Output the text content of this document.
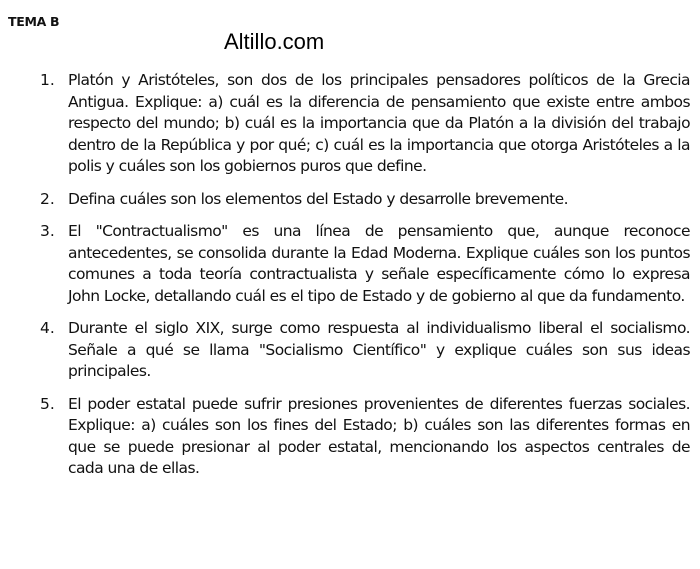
TEMA B
Altillo.com
1. Platón y Aristóteles, son dos de los principales pensadores políticos de la Grecia Antigua. Explique: a) cuál es la diferencia de pensamiento que existe entre ambos respecto del mundo; b) cuál es la importancia que da Platón a la división del trabajo dentro de la República y por qué; c) cuál es la importancia que otorga Aristóteles a la polis y cuáles son los gobiernos puros que define.
2. Defina cuáles son los elementos del Estado y desarrolle brevemente.
3. El "Contractualismo" es una línea de pensamiento que, aunque reconoce antecedentes, se consolida durante la Edad Moderna. Explique cuáles son los puntos comunes a toda teoría contractualista y señale específicamente cómo lo expresa John Locke, detallando cuál es el tipo de Estado y de gobierno al que da fundamento.
4. Durante el siglo XIX, surge como respuesta al individualismo liberal el socialismo. Señale a qué se llama "Socialismo Científico" y explique cuáles son sus ideas principales.
5. El poder estatal puede sufrir presiones provenientes de diferentes fuerzas sociales. Explique: a) cuáles son los fines del Estado; b) cuáles son las diferentes formas en que se puede presionar al poder estatal, mencionando los aspectos centrales de cada una de ellas.
